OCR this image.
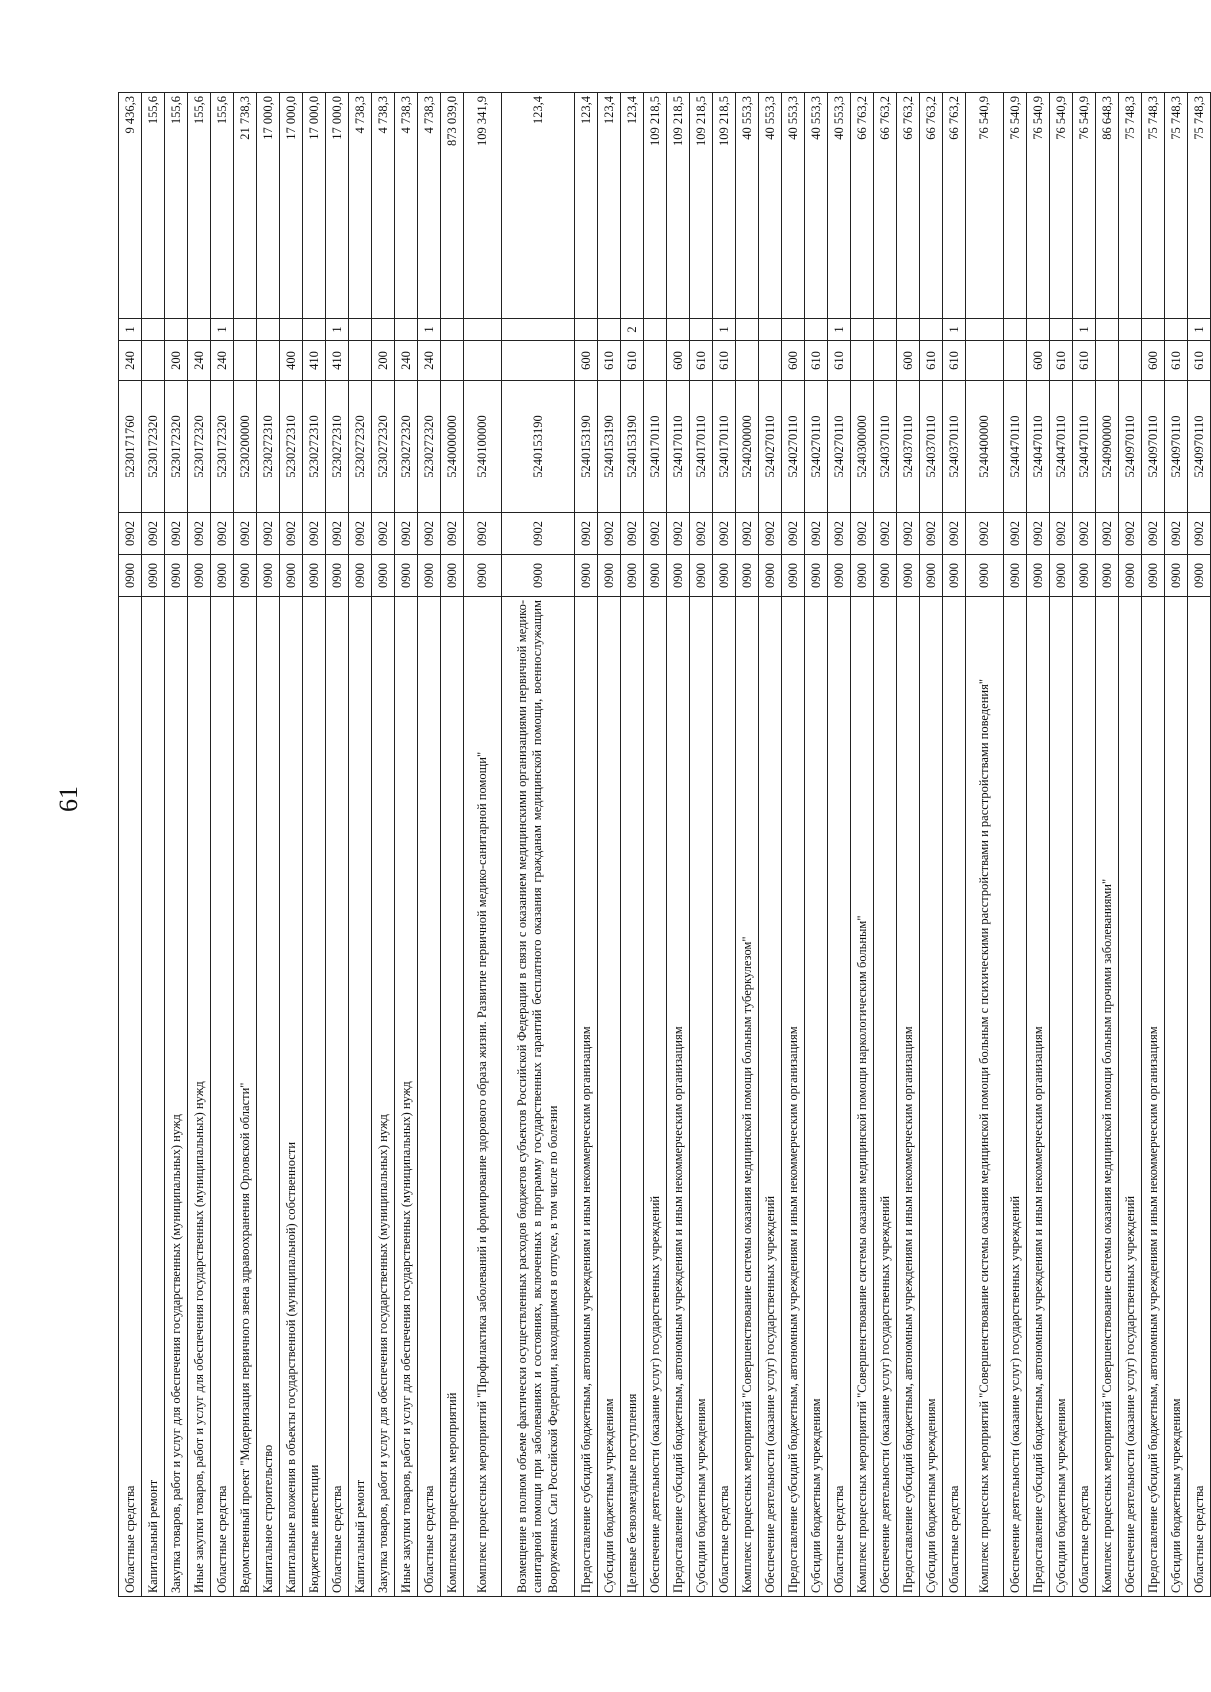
61
Областные средства	0900	0902	5230171760	240	1	9 436,3
Капитальный ремонт	0900	0902	5230172320			155,6
Закупка товаров, работ и услуг для обеспечения государственных (муниципальных) нужд	0900	0902	5230172320	200		155,6
Иные закупки товаров, работ и услуг для обеспечения государственных (муниципальных) нужд	0900	0902	5230172320	240		155,6
Областные средства	0900	0902	5230172320	240	1	155,6
Ведомственный проект "Модернизация первичного звена здравоохранения Орловской области"	0900	0902	5230200000			21 738,3
Капитальное строительство	0900	0902	5230272310			17 000,0
Капитальные вложения в объекты государственной (муниципальной) собственности	0900	0902	5230272310	400		17 000,0
Бюджетные инвестиции	0900	0902	5230272310	410		17 000,0
Областные средства	0900	0902	5230272310	410	1	17 000,0
Капитальный ремонт	0900	0902	5230272320			4 738,3
Закупка товаров, работ и услуг для обеспечения государственных (муниципальных) нужд	0900	0902	5230272320	200		4 738,3
Иные закупки товаров, работ и услуг для обеспечения государственных (муниципальных) нужд	0900	0902	5230272320	240		4 738,3
Областные средства	0900	0902	5230272320	240	1	4 738,3
Комплексы процессных мероприятий	0900	0902	5240000000			873 039,0
Комплекс процессных мероприятий "Профилактика заболеваний и формирование здорового образа жизни. Развитие первичной медико-санитарной помощи"	0900	0902	5240100000			109 341,9
Возмещение в полном объеме фактически осуществленных расходов бюджетов субъектов Российской Федерации в связи с оказанием медицинскими организациями первичной медико-санитарной помощи при заболеваниях и состояниях, включенных в программу государственных гарантий бесплатного оказания гражданам медицинской помощи, военнослужащим Вооруженных Сил Российской Федерации, находящимся в отпуске, в том числе по болезни	0900	0902	5240153190			123,4
Предоставление субсидий бюджетным, автономным учреждениям и иным некоммерческим организациям	0900	0902	5240153190	600		123,4
Субсидии бюджетным учреждениям	0900	0902	5240153190	610		123,4
Целевые безвозмездные поступления	0900	0902	5240153190	610	2	123,4
Обеспечение деятельности (оказание услуг) государственных учреждений	0900	0902	5240170110			109 218,5
Предоставление субсидий бюджетным, автономным учреждениям и иным некоммерческим организациям	0900	0902	5240170110	600		109 218,5
Субсидии бюджетным учреждениям	0900	0902	5240170110	610		109 218,5
Областные средства	0900	0902	5240170110	610	1	109 218,5
Комплекс процессных мероприятий "Совершенствование системы оказания медицинской помощи больным туберкулезом"	0900	0902	5240200000			40 553,3
Обеспечение деятельности (оказание услуг) государственных учреждений	0900	0902	5240270110			40 553,3
Предоставление субсидий бюджетным, автономным учреждениям и иным некоммерческим организациям	0900	0902	5240270110	600		40 553,3
Субсидии бюджетным учреждениям	0900	0902	5240270110	610		40 553,3
Областные средства	0900	0902	5240270110	610	1	40 553,3
Комплекс процессных мероприятий "Совершенствование системы оказания медицинской помощи наркологическим больным"	0900	0902	5240300000			66 763,2
Обеспечение деятельности (оказание услуг) государственных учреждений	0900	0902	5240370110			66 763,2
Предоставление субсидий бюджетным, автономным учреждениям и иным некоммерческим организациям	0900	0902	5240370110	600		66 763,2
Субсидии бюджетным учреждениям	0900	0902	5240370110	610		66 763,2
Областные средства	0900	0902	5240370110	610	1	66 763,2
Комплекс процессных мероприятий "Совершенствование системы оказания медицинской помощи больным с психическими расстройствами и расстройствами поведения"	0900	0902	5240400000			76 540,9
Обеспечение деятельности (оказание услуг) государственных учреждений	0900	0902	5240470110			76 540,9
Предоставление субсидий бюджетным, автономным учреждениям и иным некоммерческим организациям	0900	0902	5240470110	600		76 540,9
Субсидии бюджетным учреждениям	0900	0902	5240470110	610		76 540,9
Областные средства	0900	0902	5240470110	610	1	76 540,9
Комплекс процессных мероприятий "Совершенствование системы оказания медицинской помощи больным прочими заболеваниями"	0900	0902	5240900000			86 648,3
Обеспечение деятельности (оказание услуг) государственных учреждений	0900	0902	5240970110			75 748,3
Предоставление субсидий бюджетным, автономным учреждениям и иным некоммерческим организациям	0900	0902	5240970110	600		75 748,3
Субсидии бюджетным учреждениям	0900	0902	5240970110	610		75 748,3
Областные средства	0900	0902	5240970110	610	1	75 748,3
